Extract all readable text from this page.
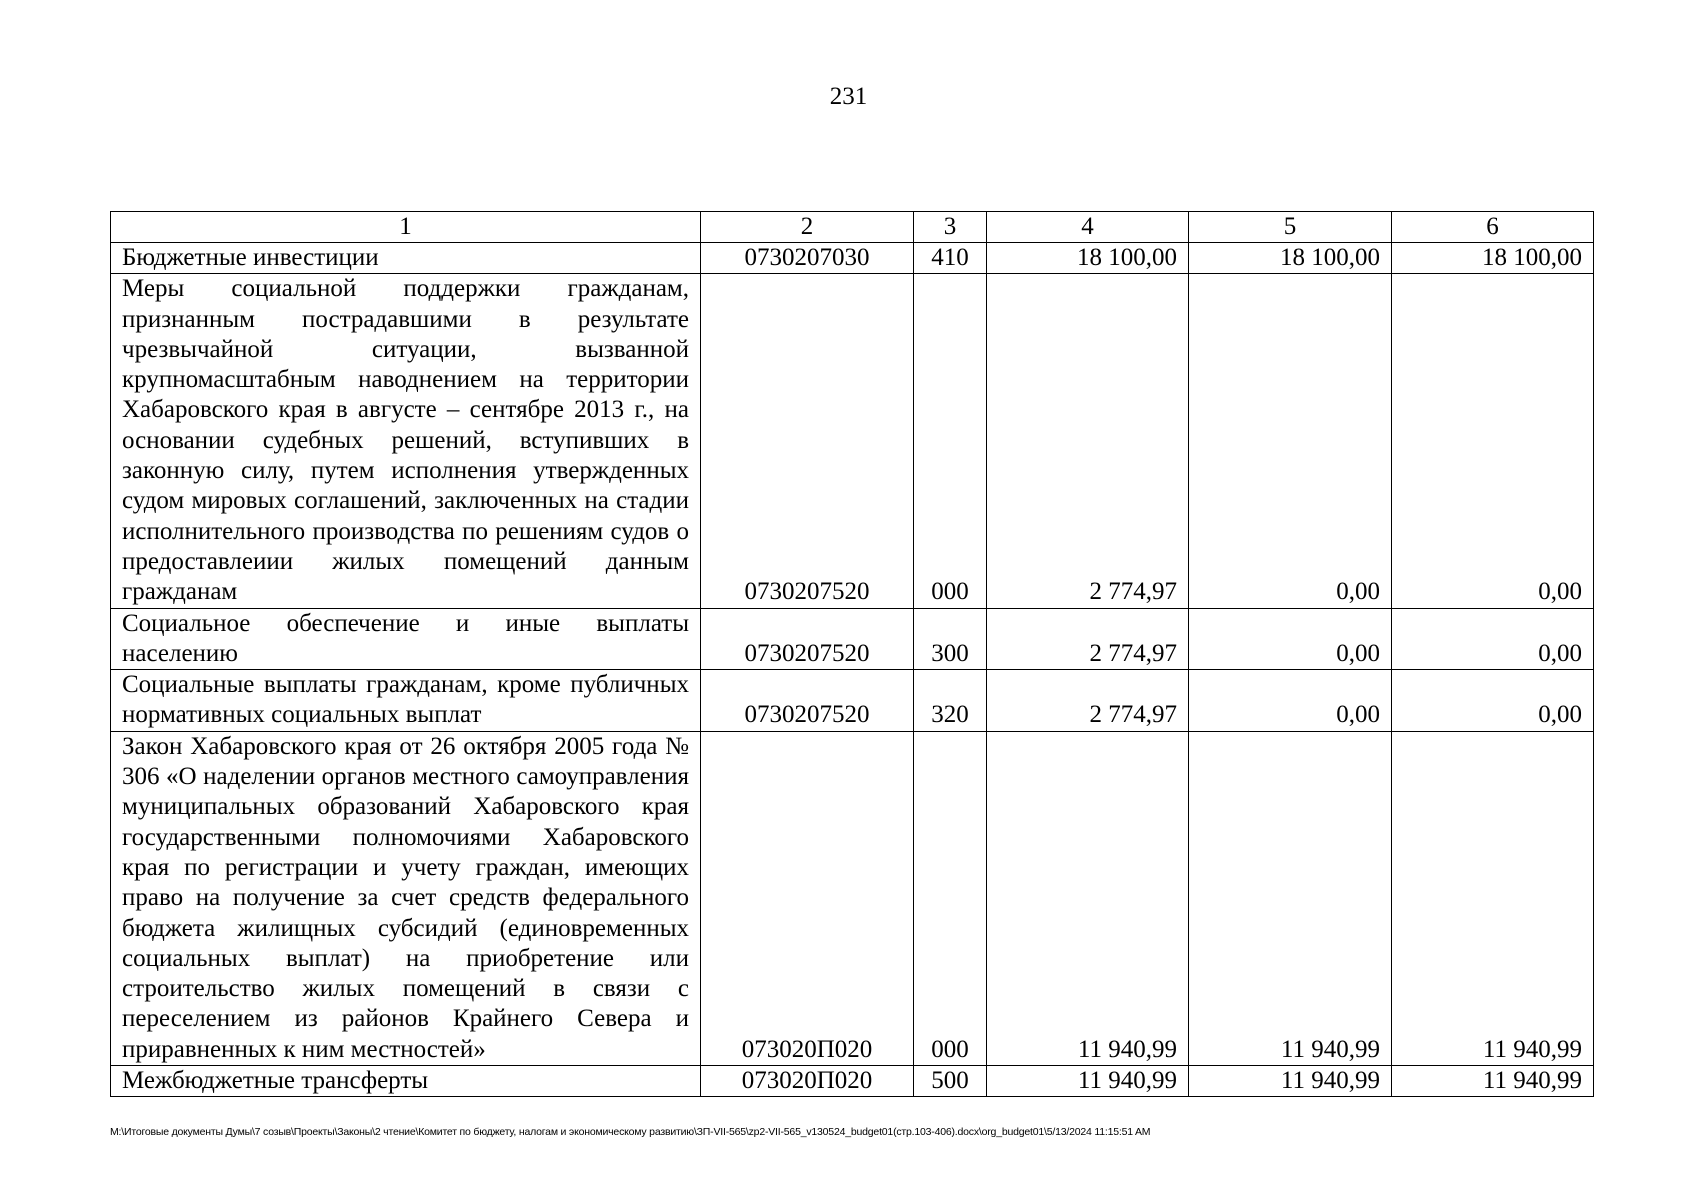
231
1	2	3	4	5	6
Бюджетные инвестиции	0730207030	410	18 100,00	18 100,00	18 100,00
Меры социальной поддержки гражданам, признанным пострадавшими в результате чрезвычайной ситуации, вызванной крупномасштабным наводнением на территории Хабаровского края в августе – сентябре 2013 г., на основании судебных решений, вступивших в законную силу, путем исполнения утвержденных судом мировых соглашений, заключенных на стадии исполнительного производства по решениям судов о предоставлеиии жилых помещений данным гражданам	0730207520	000	2 774,97	0,00	0,00
Социальное обеспечение и иные выплаты населению	0730207520	300	2 774,97	0,00	0,00
Социальные выплаты гражданам, кроме публичных нормативных социальных выплат	0730207520	320	2 774,97	0,00	0,00
Закон Хабаровского края от 26 октября 2005 года № 306 «О наделении органов местного самоуправления муниципальных образований Хабаровского края государственными полномочиями Хабаровского края по регистрации и учету граждан, имеющих право на получение за счет средств федерального бюджета жилищных субсидий (единовременных социальных выплат) на приобретение или строительство жилых помещений в связи с переселением из районов Крайнего Севера и приравненных к ним местностей»	073020П020	000	11 940,99	11 940,99	11 940,99
Межбюджетные трансферты	073020П020	500	11 940,99	11 940,99	11 940,99
M:\Итоговые документы Думы\7 созыв\Проекты\Законы\2 чтение\Комитет по бюджету, налогам и экономическому развитию\ЗП-VII-565\zp2-VII-565_v130524_budget01(стр.103-406).docx\org_budget01\5/13/2024 11:15:51 AM
